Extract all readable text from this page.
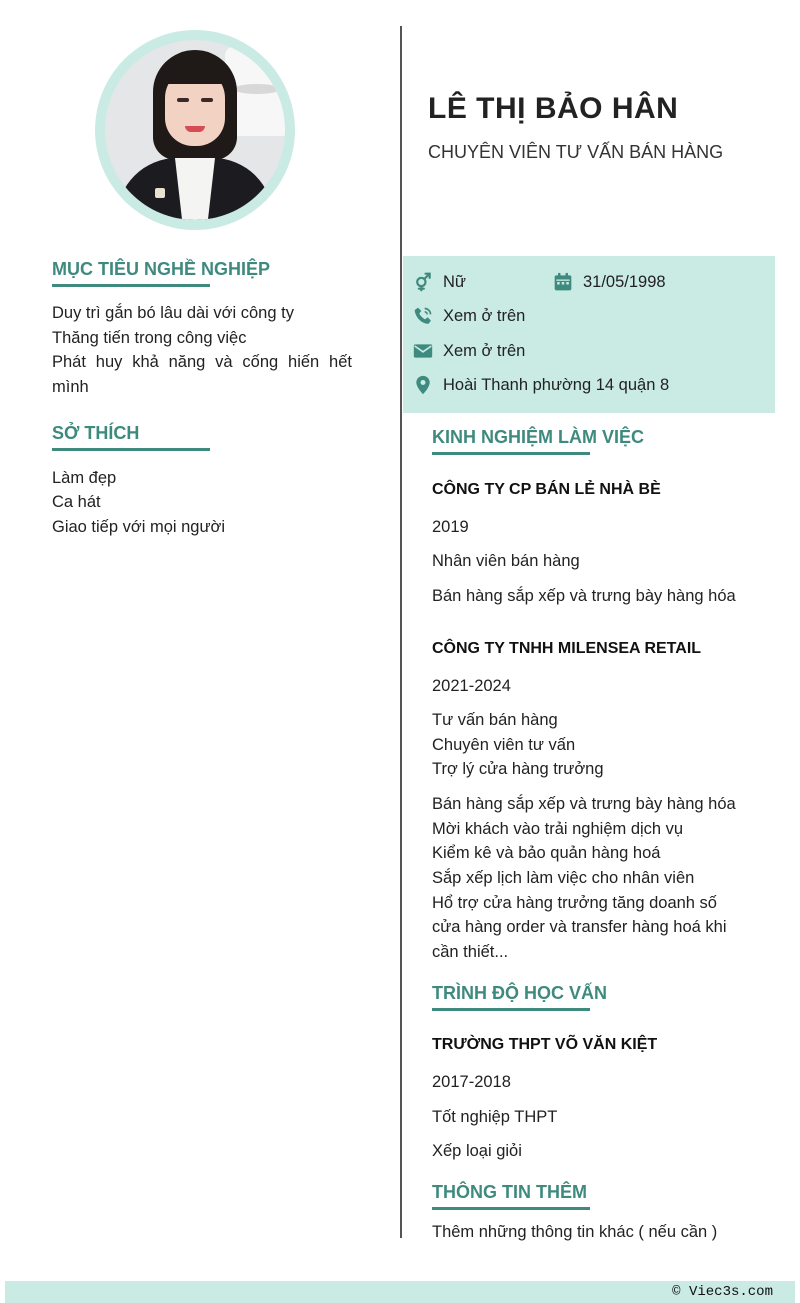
LÊ THỊ BẢO HÂN
CHUYÊN VIÊN TƯ VẤN BÁN HÀNG
Nữ	31/05/1998
Xem ở trên
Xem ở trên
Hoài Thanh phường 14 quận 8
MỤC TIÊU NGHỀ NGHIỆP
Duy trì gắn bó lâu dài với công ty
Thăng tiến trong công việc
Phát huy khả năng và cống hiến hết mình
SỞ THÍCH
Làm đẹp
Ca hát
Giao tiếp với mọi người
KINH NGHIỆM LÀM VIỆC
CÔNG TY CP BÁN LẺ NHÀ BÈ
2019
Nhân viên bán hàng
Bán hàng sắp xếp và trưng bày hàng hóa
CÔNG TY TNHH MILENSEA RETAIL
2021-2024
Tư vấn bán hàng
Chuyên viên tư vấn
Trợ lý cửa hàng trưởng
Bán hàng sắp xếp và trưng bày hàng hóa
Mời khách vào trải nghiệm dịch vụ
Kiểm kê và bảo quản hàng hoá
Sắp xếp lịch làm việc cho nhân viên
Hổ trợ cửa hàng trưởng tăng doanh số
cửa hàng order và transfer hàng hoá khi
cần thiết...
TRÌNH ĐỘ HỌC VẤN
TRƯỜNG THPT VÕ VĂN KIỆT
2017-2018
Tốt nghiệp THPT
Xếp loại giỏi
THÔNG TIN THÊM
Thêm những thông tin khác ( nếu cần )
© Viec3s.com
